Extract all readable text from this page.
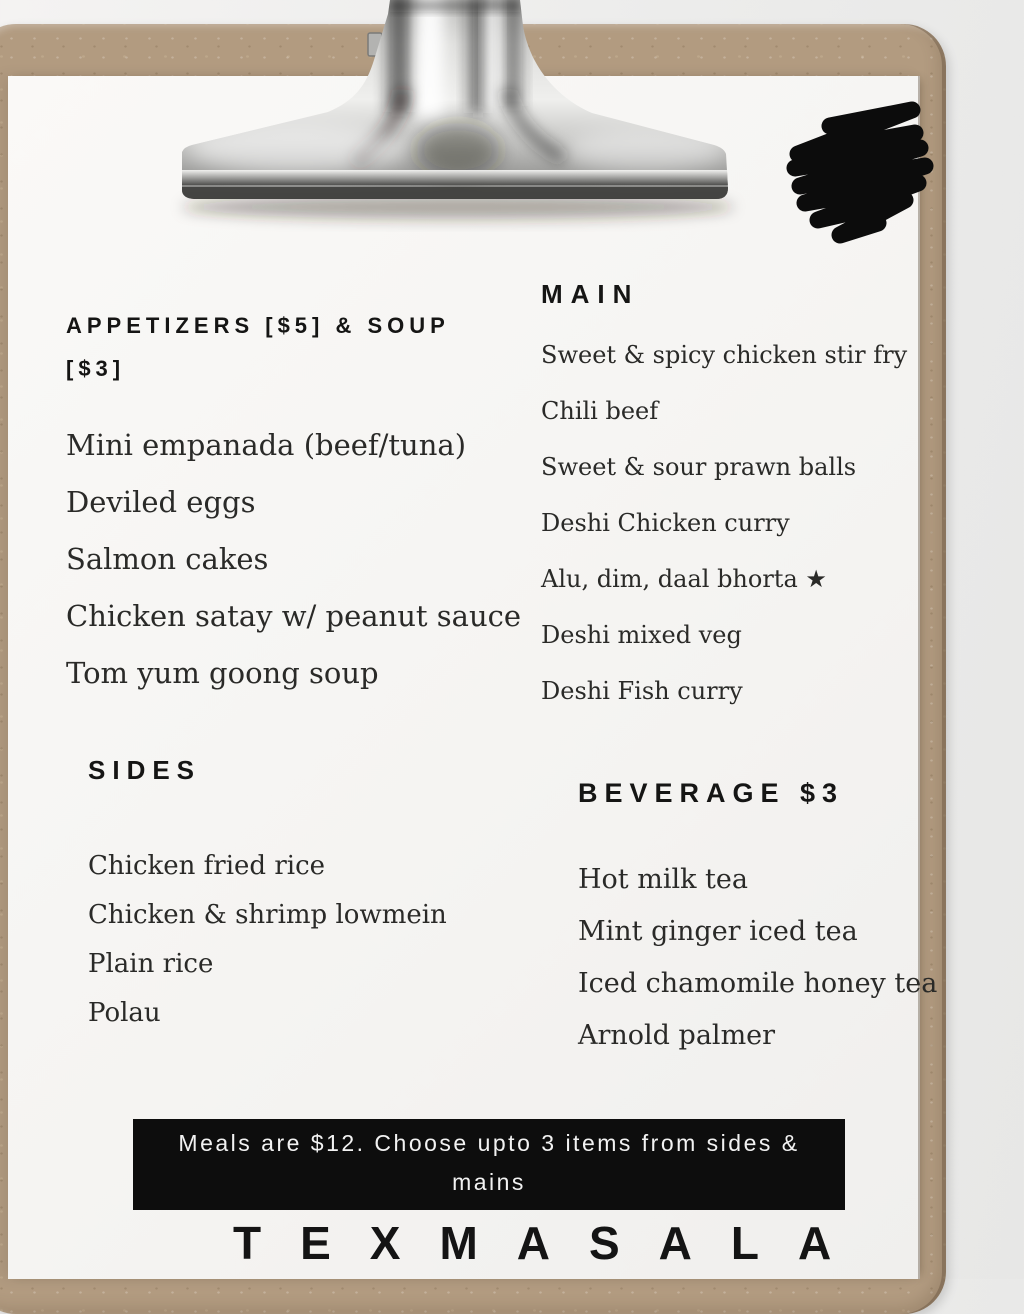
APPETIZERS [$5] & SOUP [$3]
Mini empanada (beef/tuna)
Deviled eggs
Salmon cakes
Chicken satay w/ peanut sauce
Tom yum goong soup
MAIN
Sweet & spicy chicken stir fry
Chili beef
Sweet & sour prawn balls
Deshi Chicken curry
Alu, dim, daal bhorta ★
Deshi mixed veg
Deshi Fish curry
SIDES
Chicken fried rice
Chicken & shrimp lowmein
Plain rice
Polau
BEVERAGE $3
Hot milk tea
Mint ginger iced tea
Iced chamomile honey tea
Arnold palmer
Meals are $12. Choose upto 3 items from sides & mains
TEXMASALA
